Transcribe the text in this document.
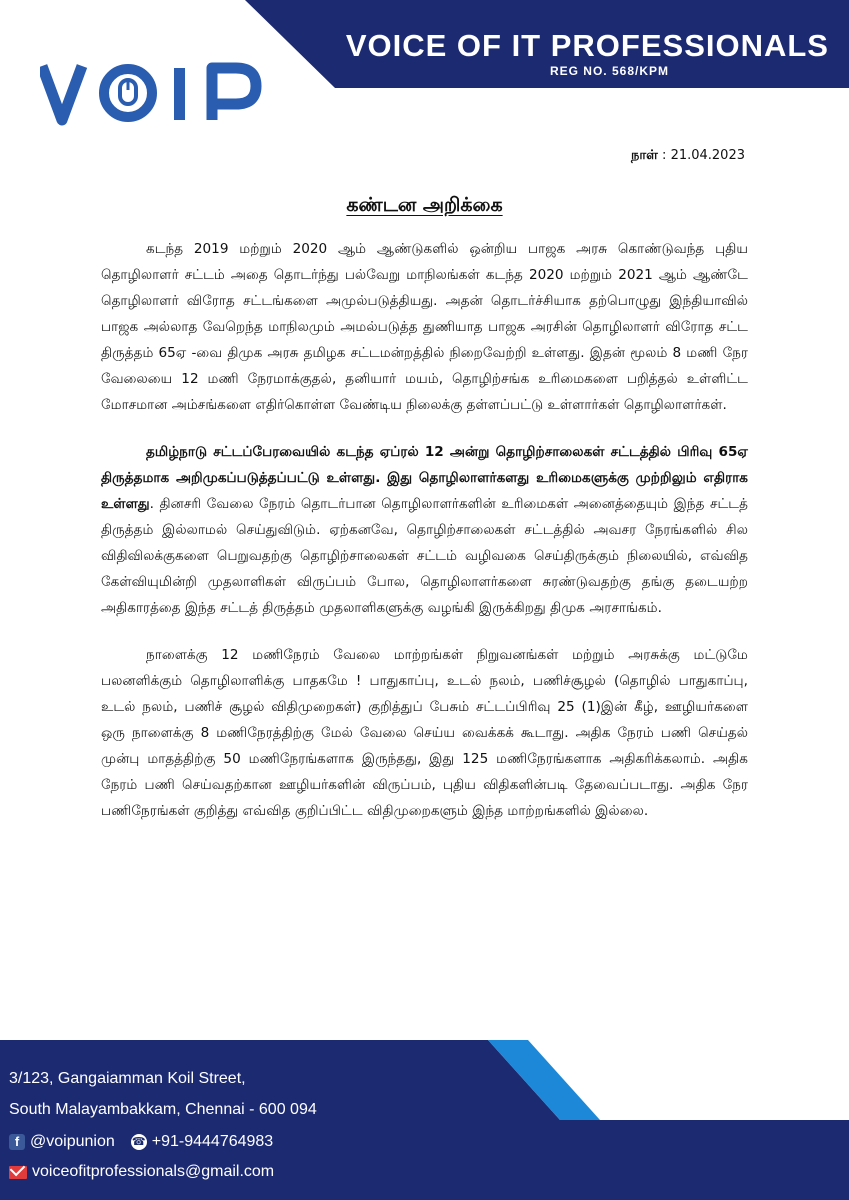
VOICE OF IT PROFESSIONALS
REG NO. 568/KPM
நாள் : 21.04.2023
கண்டன அறிக்கை

கடந்த 2019 மற்றும் 2020 ஆம் ஆண்டுகளில் ஒன்றிய பாஜக அரசு கொண்டுவந்த புதிய தொழிலாளர் சட்டம் அதை தொடர்ந்து பல்வேறு மாநிலங்கள் கடந்த 2020 மற்றும் 2021 ஆம் ஆண்டே தொழிலாளர் விரோத சட்டங்களை அமுல்படுத்தியது. அதன் தொடர்ச்சியாக தற்பொழுது இந்தியாவில் பாஜக அல்லாத வேறெந்த மாநிலமும் அமல்படுத்த துணியாத பாஜக அரசின் தொழிலாளர் விரோத சட்ட திருத்தம் 65ஏ -வை திமுக அரசு தமிழக சட்டமன்றத்தில் நிறைவேற்றி உள்ளது. இதன் மூலம் 8 மணி நேர வேலையை 12 மணி நேரமாக்குதல், தனியார் மயம், தொழிற்சங்க உரிமைகளை பறித்தல் உள்ளிட்ட மோசமான அம்சங்களை எதிர்கொள்ள வேண்டிய நிலைக்கு தள்ளப்பட்டு உள்ளார்கள் தொழிலாளர்கள்.

தமிழ்நாடு சட்டப்பேரவையில் கடந்த ஏப்ரல் 12 அன்று தொழிற்சாலைகள் சட்டத்தில் பிரிவு 65ஏ திருத்தமாக அறிமுகப்படுத்தப்பட்டு உள்ளது. இது தொழிலாளர்களது உரிமைகளுக்கு முற்றிலும் எதிராக உள்ளது. தினசரி வேலை நேரம் தொடர்பான தொழிலாளர்களின் உரிமைகள் அனைத்தையும் இந்த சட்டத் திருத்தம் இல்லாமல் செய்துவிடும். ஏற்கனவே, தொழிற்சாலைகள் சட்டத்தில் அவசர நேரங்களில் சில விதிவிலக்குகளை பெறுவதற்கு தொழிற்சாலைகள் சட்டம் வழிவகை செய்திருக்கும் நிலையில், எவ்வித கேள்வியுமின்றி முதலாளிகள் விருப்பம் போல, தொழிலாளர்களை சுரண்டுவதற்கு தங்கு தடையற்ற அதிகாரத்தை இந்த சட்டத் திருத்தம் முதலாளிகளுக்கு வழங்கி இருக்கிறது திமுக அரசாங்கம்.

நாளைக்கு 12 மணிநேரம் வேலை மாற்றங்கள் நிறுவனங்கள் மற்றும் அரசுக்கு மட்டுமே பலனளிக்கும் தொழிலாளிக்கு பாதகமே ! பாதுகாப்பு, உடல் நலம், பணிச்சூழல் (தொழில் பாதுகாப்பு, உடல் நலம், பணிச் சூழல் விதிமுறைகள்) குறித்துப் பேசும் சட்டப்பிரிவு 25 (1)இன் கீழ், ஊழியர்களை ஒரு நாளைக்கு 8 மணிநேரத்திற்கு மேல் வேலை செய்ய வைக்கக் கூடாது. அதிக நேரம் பணி செய்தல் முன்பு மாதத்திற்கு 50 மணிநேரங்களாக இருந்தது, இது 125 மணிநேரங்களாக அதிகரிக்கலாம். அதிக நேரம் பணி செய்வதற்கான ஊழியர்களின் விருப்பம், புதிய விதிகளின்படி தேவைப்படாது. அதிக நேர பணிநேரங்கள் குறித்து எவ்வித குறிப்பிட்ட விதிமுறைகளும் இந்த மாற்றங்களில் இல்லை.

3/123, Gangaiamman Koil Street,
South Malayambakkam, Chennai - 600 094
f @voipunion ☎ +91-9444764983
voiceofitprofessionals@gmail.com
